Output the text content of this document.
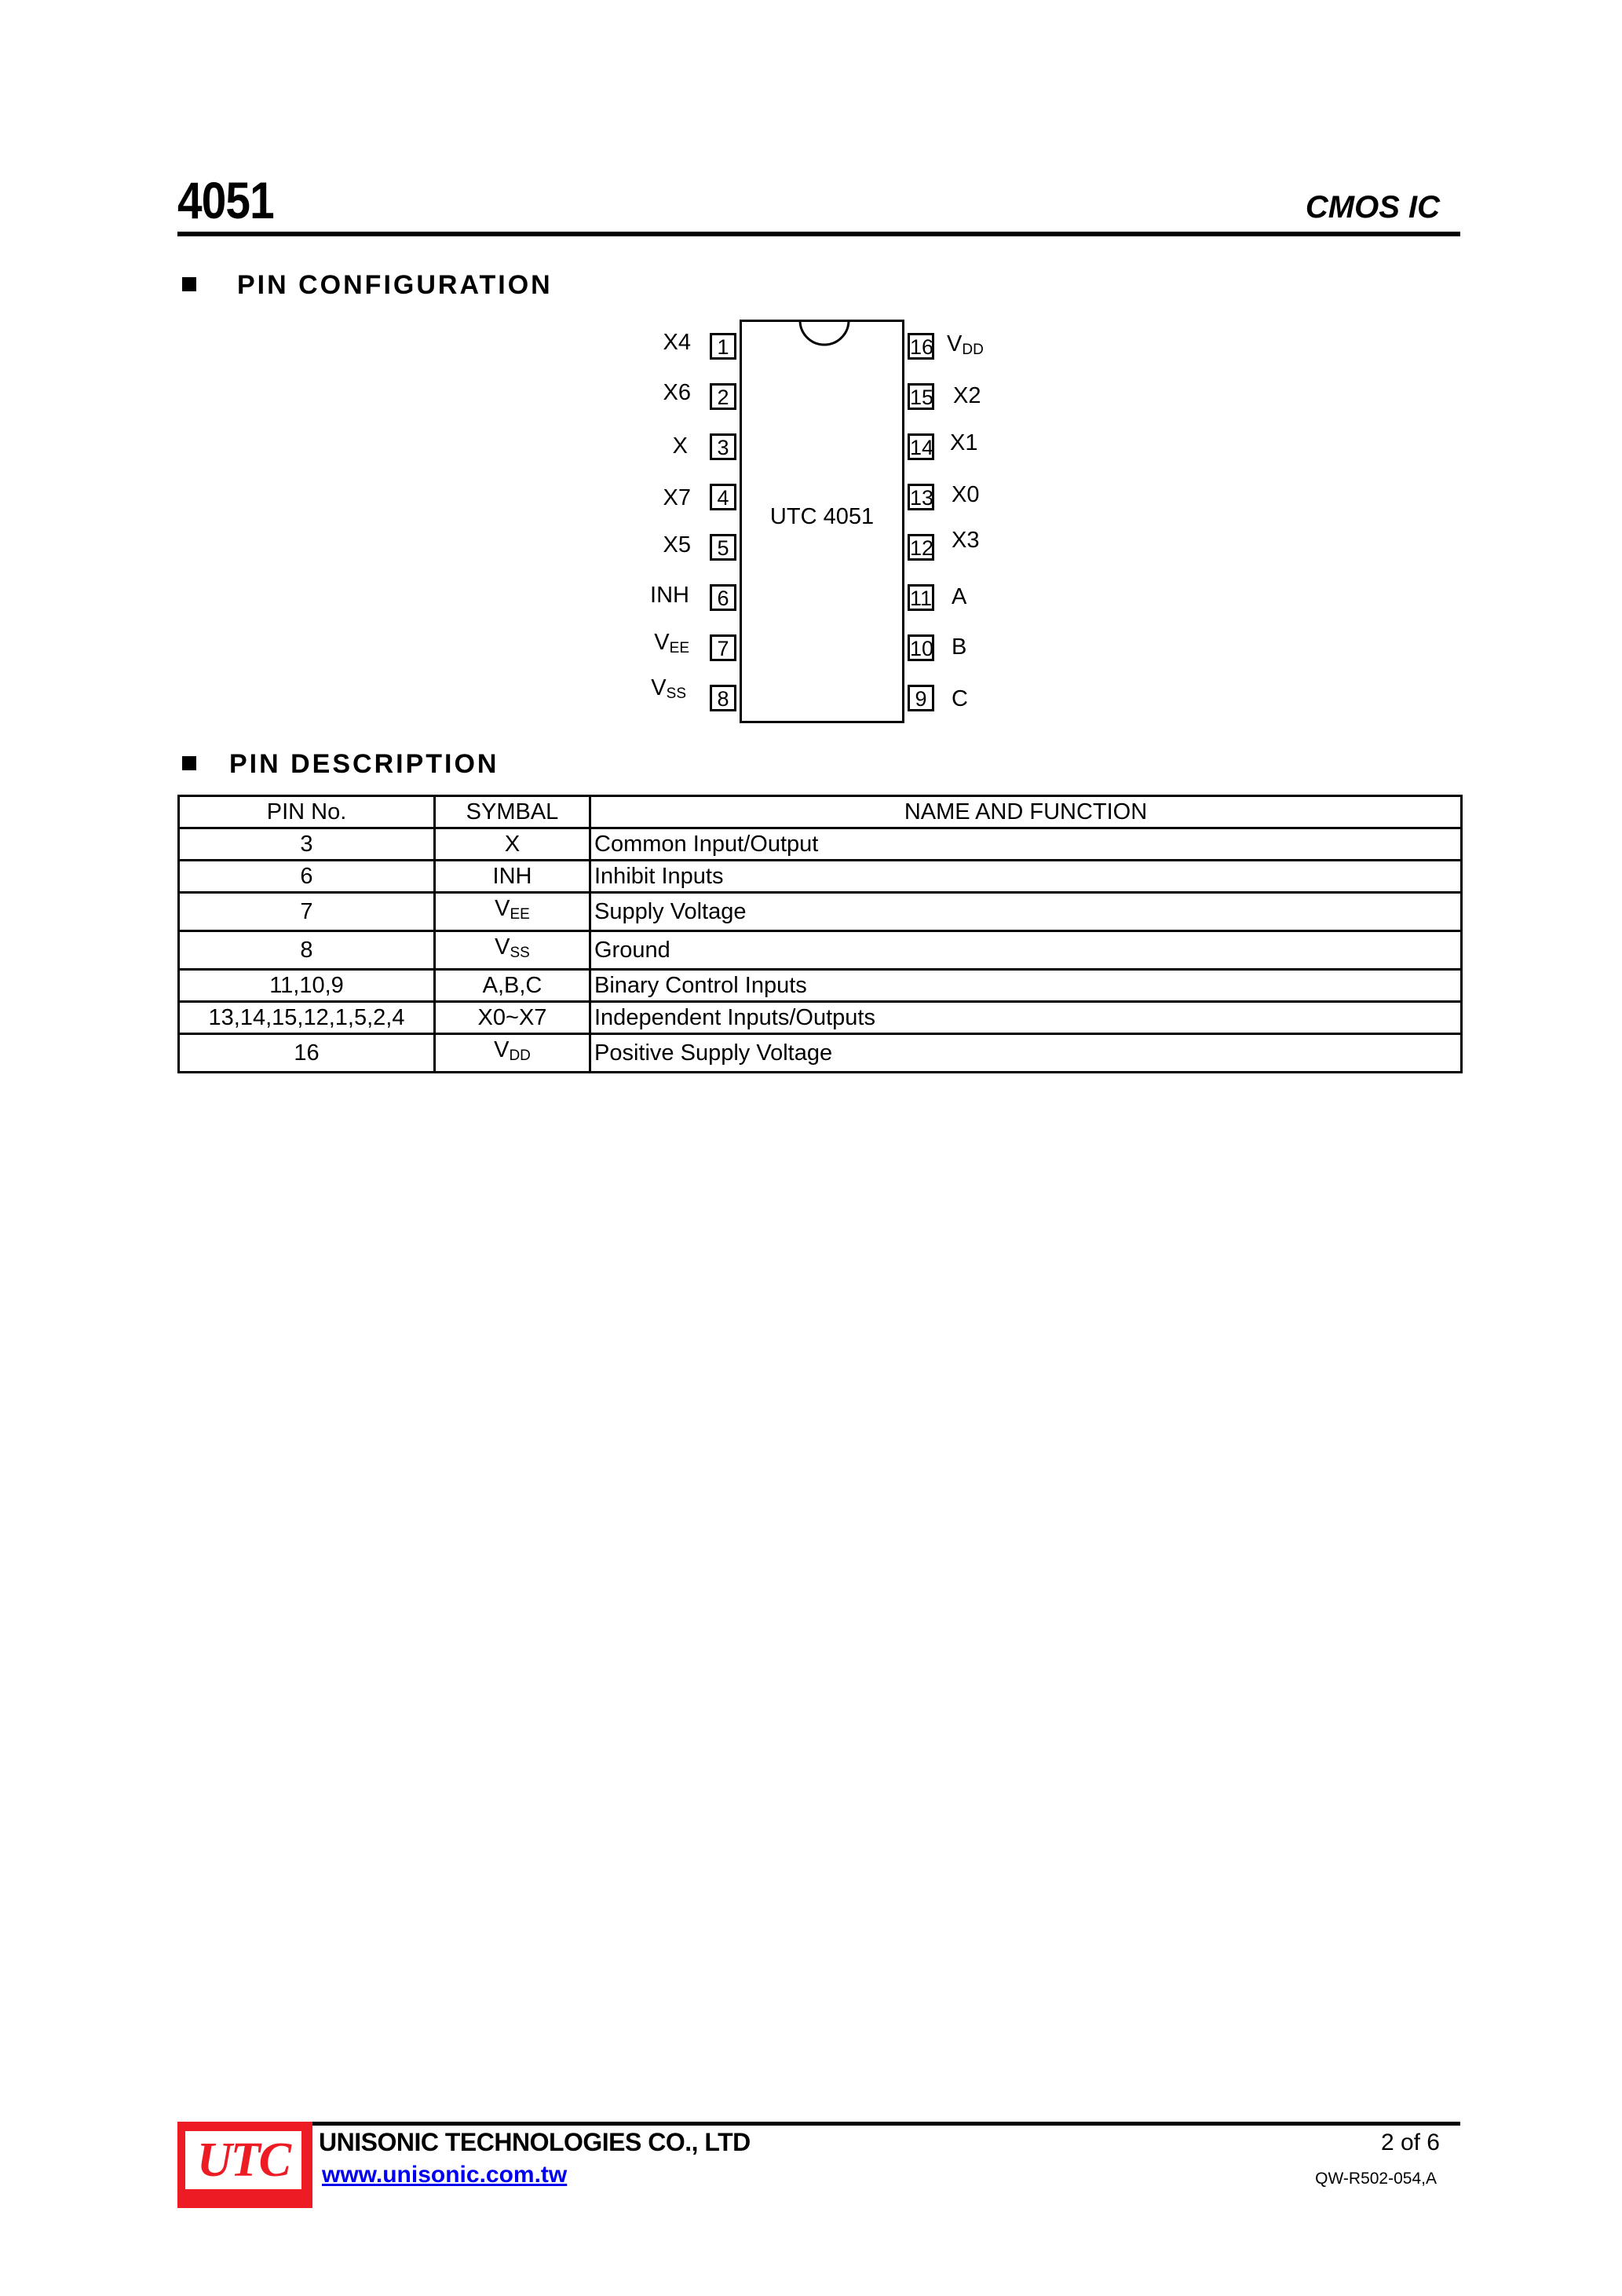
4051	CMOS IC
PIN CONFIGURATION
UTC 4051
1
X4
2
X6
3
X
4
X7
5
X5
6
INH
7
$V_{EE}$
8
$V_{SS}$
16 $V_{DD}$
15 X2
14 X1
13 X0
12 X3
11 A
10 B
9	C
PIN DESCRIPTION
PIN No.	SYMBAL	NAME AND FUNCTION
3	X	Common Input/Output
6	INH	Inhibit Inputs
7	$V_{EE}$	Supply Voltage
8	$V_{SS}$	Ground
11,10,9	A,B,C	Binary Control Inputs
13,14,15,12,1,5,2,4	X0~X7	Independent Inputs/Outputs
16	$V_{DD}$	Positive Supply Voltage
UTC	UNISONIC TECHNOLOGIES CO., LTD
www.unisonic.com.tw
2 of 6
QW-R502-054,A
